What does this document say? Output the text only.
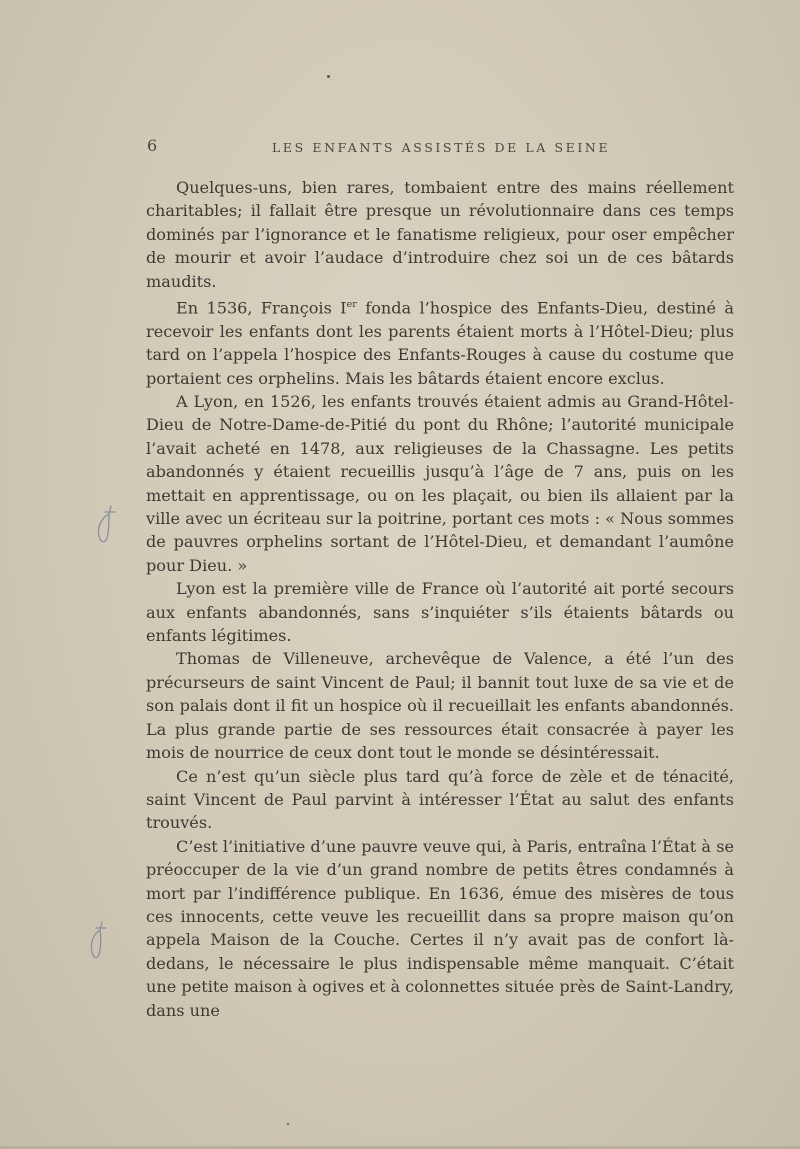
6	LES ENFANTS ASSISTÉS DE LA SEINE

Quelques-uns, bien rares, tombaient entre des mains réellement charitables; il fallait être presque un révolutionnaire dans ces temps dominés par l’ignorance et le fanatisme religieux, pour oser empêcher de mourir et avoir l’audace d’introduire chez soi un de ces bâtards maudits.

En 1536, François Ier fonda l’hospice des Enfants-Dieu, destiné à recevoir les enfants dont les parents étaient morts à l’Hôtel-Dieu; plus tard on l’appela l’hospice des Enfants-Rouges à cause du costume que portaient ces orphelins. Mais les bâtards étaient encore exclus.

A Lyon, en 1526, les enfants trouvés étaient admis au Grand-Hôtel-Dieu de Notre-Dame-de-Pitié du pont du Rhône; l’autorité municipale l’avait acheté en 1478, aux religieuses de la Chassagne. Les petits abandonnés y étaient recueillis jusqu’à l’âge de 7 ans, puis on les mettait en apprentissage, ou on les plaçait, ou bien ils allaient par la ville avec un écriteau sur la poitrine, portant ces mots : « Nous sommes de pauvres orphelins sortant de l’Hôtel-Dieu, et demandant l’aumône pour Dieu. »

Lyon est la première ville de France où l’autorité ait porté secours aux enfants abandonnés, sans s’inquiéter s’ils étaients bâtards ou enfants légitimes.

Thomas de Villeneuve, archevêque de Valence, a été l’un des précurseurs de saint Vincent de Paul; il bannit tout luxe de sa vie et de son palais dont il fit un hospice où il recueillait les enfants abandonnés. La plus grande partie de ses ressources était consacrée à payer les mois de nourrice de ceux dont tout le monde se désintéressait.

Ce n’est qu’un siècle plus tard qu’à force de zèle et de ténacité, saint Vincent de Paul parvint à intéresser l’État au salut des enfants trouvés.

C’est l’initiative d’une pauvre veuve qui, à Paris, entraîna l’État à se préoccuper de la vie d’un grand nombre de petits êtres condamnés à mort par l’indifférence publique. En 1636, émue des misères de tous ces innocents, cette veuve les recueillit dans sa propre maison qu’on appela Maison de la Couche. Certes il n’y avait pas de confort là-dedans, le nécessaire le plus indispensable même manquait. C’était une petite maison à ogives et à colonnettes située près de Saint-Landry, dans une
